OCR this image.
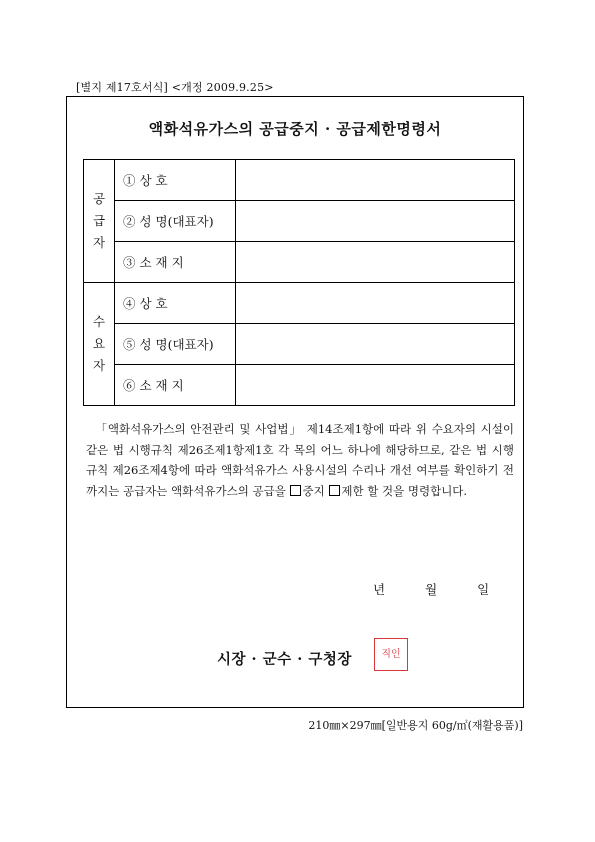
[별지 제17호서식] <개정 2009.9.25>
액화석유가스의 공급중지 · 공급제한명령서
공
급
자	① 상 호	
	② 성 명(대표자)	
	③ 소 재 지	
수
요
자	④ 상 호	
	⑤ 성 명(대표자)	
	⑥ 소 재 지	
「액화석유가스의 안전관리 및 사업법」 제14조제1항에 따라 위 수요자의 시설이 같은 법 시행규칙 제26조제1항제1호 각 목의 어느 하나에 해당하므로, 같은 법 시행규칙 제26조제4항에 따라 액화석유가스 사용시설의 수리나 개선 여부를 확인하기 전까지는 공급자는 액화석유가스의 공급을 중지 제한 할 것을 명령합니다.
년	월	일
시장 · 군수 · 구청장	직인
210㎜×297㎜[일반용지 60g/㎡(재활용품)]
